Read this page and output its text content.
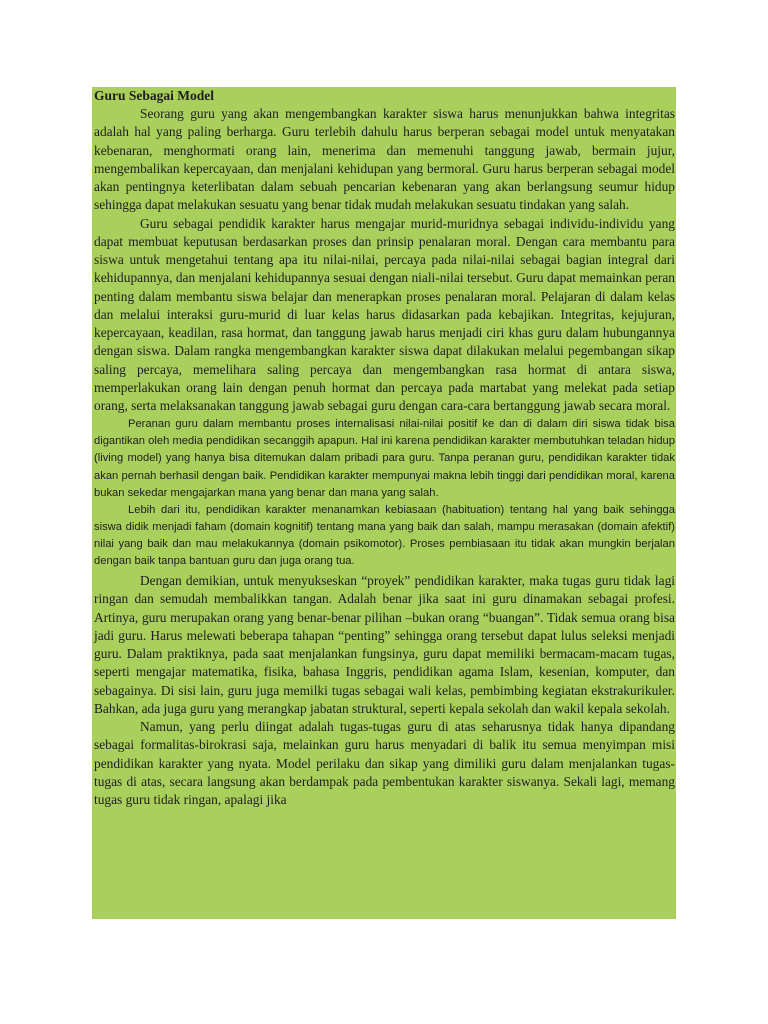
Guru Sebagai Model

Seorang guru yang akan mengembangkan karakter siswa harus menunjukkan bahwa integritas adalah hal yang paling berharga. Guru terlebih dahulu harus berperan sebagai model untuk menyatakan kebenaran, menghormati orang lain, menerima dan memenuhi tanggung jawab, bermain jujur, mengembalikan kepercayaan, dan menjalani kehidupan yang bermoral. Guru harus berperan sebagai model akan pentingnya keterlibatan dalam sebuah pencarian kebenaran yang akan berlangsung seumur hidup sehingga dapat melakukan sesuatu yang benar tidak mudah melakukan sesuatu tindakan yang salah.

Guru sebagai pendidik karakter harus mengajar murid-muridnya sebagai individu-individu yang dapat membuat keputusan berdasarkan proses dan prinsip penalaran moral. Dengan cara membantu para siswa untuk mengetahui tentang apa itu nilai-nilai, percaya pada nilai-nilai sebagai bagian integral dari kehidupannya, dan menjalani kehidupannya sesuai dengan niali-nilai tersebut. Guru dapat memainkan peran penting dalam membantu siswa belajar dan menerapkan proses penalaran moral. Pelajaran di dalam kelas dan melalui interaksi guru-murid di luar kelas harus didasarkan pada kebajikan. Integritas, kejujuran, kepercayaan, keadilan, rasa hormat, dan tanggung jawab harus menjadi ciri khas guru dalam hubungannya dengan siswa. Dalam rangka mengembangkan karakter siswa dapat dilakukan melalui pegembangan sikap saling percaya, memelihara saling percaya dan mengembangkan rasa hormat di antara siswa, memperlakukan orang lain dengan penuh hormat dan percaya pada martabat yang melekat pada setiap orang, serta melaksanakan tanggung jawab sebagai guru dengan cara-cara bertanggung jawab secara moral.

Peranan guru dalam membantu proses internalisasi nilai-nilai positif ke dan di dalam diri siswa tidak bisa digantikan oleh media pendidikan secanggih apapun. Hal ini karena pendidikan karakter membutuhkan teladan hidup (living model) yang hanya bisa ditemukan dalam pribadi para guru. Tanpa peranan guru, pendidikan karakter tidak akan pernah berhasil dengan baik. Pendidikan karakter mempunyai makna lebih tinggi dari pendidikan moral, karena bukan sekedar mengajarkan mana yang benar dan mana yang salah.

Lebih dari itu, pendidikan karakter menanamkan kebiasaan (habituation) tentang hal yang baik sehingga siswa didik menjadi faham (domain kognitif) tentang mana yang baik dan salah, mampu merasakan (domain afektif) nilai yang baik dan mau melakukannya (domain psikomotor). Proses pembiasaan itu tidak akan mungkin berjalan dengan baik tanpa bantuan guru dan juga orang tua.

Dengan demikian, untuk menyukseskan “proyek” pendidikan karakter, maka tugas guru tidak lagi ringan dan semudah membalikkan tangan. Adalah benar jika saat ini guru dinamakan sebagai profesi. Artinya, guru merupakan orang yang benar-benar pilihan –bukan orang “buangan”. Tidak semua orang bisa jadi guru. Harus melewati beberapa tahapan “penting” sehingga orang tersebut dapat lulus seleksi menjadi guru. Dalam praktiknya, pada saat menjalankan fungsinya, guru dapat memiliki bermacam-macam tugas, seperti mengajar matematika, fisika, bahasa Inggris, pendidikan agama Islam, kesenian, komputer, dan sebagainya. Di sisi lain, guru juga memilki tugas sebagai wali kelas, pembimbing kegiatan ekstrakurikuler. Bahkan, ada juga guru yang merangkap jabatan struktural, seperti kepala sekolah dan wakil kepala sekolah.

Namun, yang perlu diingat adalah tugas-tugas guru di atas seharusnya tidak hanya dipandang sebagai formalitas-birokrasi saja, melainkan guru harus menyadari di balik itu semua menyimpan misi pendidikan karakter yang nyata. Model perilaku dan sikap yang dimiliki guru dalam menjalankan tugas-tugas di atas, secara langsung akan berdampak pada pembentukan karakter siswanya. Sekali lagi, memang tugas guru tidak ringan, apalagi jika
